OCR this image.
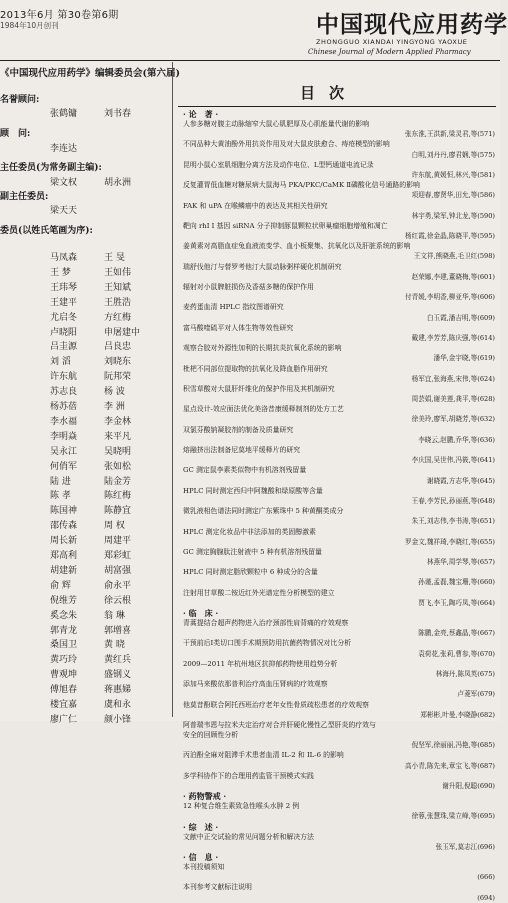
2013年6月 第30卷第6期
1984年10月创刊	中国现代应用药学
ZHONGGUO XIANDAI YINGYONG YAOXUE
Chinese Journal of Modern Applied Pharmacy
《中国现代应用药学》编辑委员会(第六届)
名誉顾问:
张鹤镛	刘书春
顾　问:
李连达
主任委员(为常务副主编):
梁文权	胡永洲
副主任委员:
梁天天
委员(以姓氏笔画为序):
马凤森	王 旻
王 梦	王如伟
王玮琴	王知斌
王建平	王胜浩
尤启冬	方红梅
卢晓阳	申屠建中
吕圭源	吕良忠
刘 滔	刘晓东
许东航	阮邦荣
苏志良	杨 波
杨苏蓓	李 洲
李水福	李金林
李明焱	来平凡
吴永江	吴晓明
何俏军	张如松
陆 进	陆金芳
陈 孝	陈红梅
陈国神	陈静宜
邵传森	周 权
周长新	周建平
郑高利	郑彩虹
胡建新	胡富强
俞 辉	俞永平
倪维芳	徐云根
奚念朱	翁 琳
郭青龙	郭增喜
桑国卫	黄 晓
黄巧玲	黄红兵
曹观坤	盛钢义
傅旭春	蒋惠娣
楼宜嘉	虞和永
廖广仁	颜小锋
目次
· 论　著 ·
人参多糖对腹主动脉缩窄大鼠心肌肥厚及心肌能量代谢的影响
张东淮,王洪新,梁灵君,等(571)
不同品种大黄油酚外用抗炎作用及对大鼠皮肤愈合、痔疮模型的影响
白明,刘丹丹,廖君娴,等(575)
昆明小鼠心室肌细胞分离方法及动作电位、L型钙通道电流记录
许东航,黄媛恒,林兴,等(581)
反复灌胃低血糖对糖尿病大鼠海马 PKA/PKC/CaMK Ⅱ磷酸化信号通路的影响
项迎春,廖贤华,田允,等(586)
FAK 和 uPA 在喉鳞癌中的表达及其相关性研究
林宇勇,梁军,钟北龙,等(590)
靶向 rhI I 基因 siRNA 分子抑制豚鼠颗粒状卵巢瘤细胞增殖和凋亡
杨红霞,徐金晶,陈晓平,等(595)
姜黄素对高脂血症兔血液流变学、血小板聚集、抗氧化以及肝脏系统的影响
王文祥,熊晓燕,毛卫红(598)
瑞舒伐他汀与替罗考他汀大鼠动脉粥样硬化机制研究
赵荣娜,李建,董晓梅,等(601)
辐射对小鼠脾脏损伤及香菇多糖的保护作用
付青媛,李明香,柳亚华,等(606)
麦药蛋血清 HPLC 指纹图谱研究
白玉霞,潘吉明,等(609)
富马酸喹硫平对人体生物等效性研究
戴建,李芳芳,陈庆强,等(614)
观察合胶对外源性加利的长期抗炎抗氧化系统的影响
潘华,金宇晓,等(619)
枇杷不同部位提取物的抗氧化及降血脂作用研究
杨军宜,张海燕,宋伟,等(624)
积雪草酸对大鼠肝纤维化的保护作用及其机制研究
周芸娟,谢美莲,龚平,等(628)
星点设计-效应面法优化美洛昔康缓释制剂的处方工艺
徐美玲,廖军,胡晓芳,等(632)
双氯芬酸钠凝胶剂的制备及质量研究
李晓云,赵鹏,乔华,等(636)
熔融挤出法制备尼莫地平缓释片的研究
李庆国,吴世伟,冯筱,等(641)
GC 测定鼠李素类似物中有机溶剂残留量
谢晓霞,方志华,等(645)
HPLC 同时测定西归中阿魏酸和绿原酸等含量
王春,李芳民,孙丽燕,等(648)
微乳液相色谱法同时测定广东紫珠中 5 种黄酮类成分
朱王,刘志伟,李书涛,等(651)
HPLC 测定化妆品中非法添加的类固醇激素
罗金文,魏祥琦,李晓红,等(655)
GC 测定胸腺肽注射液中 5 种有机溶剂残留量
林燕华,周学琴,等(657)
HPLC 同时测定脂欣颗粒中 6 种成分的含量
孙谨,孟磊,魏宝珊,等(660)
注射用甘草酸二铵近红外光谱定性分析模型的建立
贾飞,李玉,陶巧凤,等(664)
· 临　床 ·
青蒿提结合超声药物进入治疗颈部性肩背痛的疗效观察
陈鹏,金亮,蔡鑫晶,等(667)
干预前后Ⅰ类切口围手术期预防用抗菌药物情况对比分析
袁荷花,张莉,曹参,等(670)
2009—2011 年杭州地区抗抑郁药物使用趋势分析
林海丹,陈凤英(675)
添加马来酸依那普利治疗高血压肾病的疗效观察
卢菱军(679)
他莫昔酚联合阿托西班治疗老年女性骨质疏松患者的疗效观察
郑彬彬,叶曼,李晓静(682)
阿普瑞韦恩与拉米夫定治疗对合并肝硬化慢性乙型肝炎的疗效与
安全的回顾性分析
倪坚军,徐丽丽,冯艳,等(685)
丙泊酚全麻对阻滞手术患者血清 IL-2 和 IL-6 的影响
高小青,陈先来,章宝飞,等(687)
多学科协作下的合理用药监管干预模式实践
谢升阳,倪聪(690)
· 药物警戒 ·
12 种复合维生素致急性喉头水肿 2 例
徐蓉,张慧珠,梁立峰,等(695)
· 综　述 ·
文献中正交试验的常见问题分析和解决方法
张玉军,莫志江(696)
· 信　息 ·
本刊投稿须知
(666)
本刊参考文献标注说明
(694)
